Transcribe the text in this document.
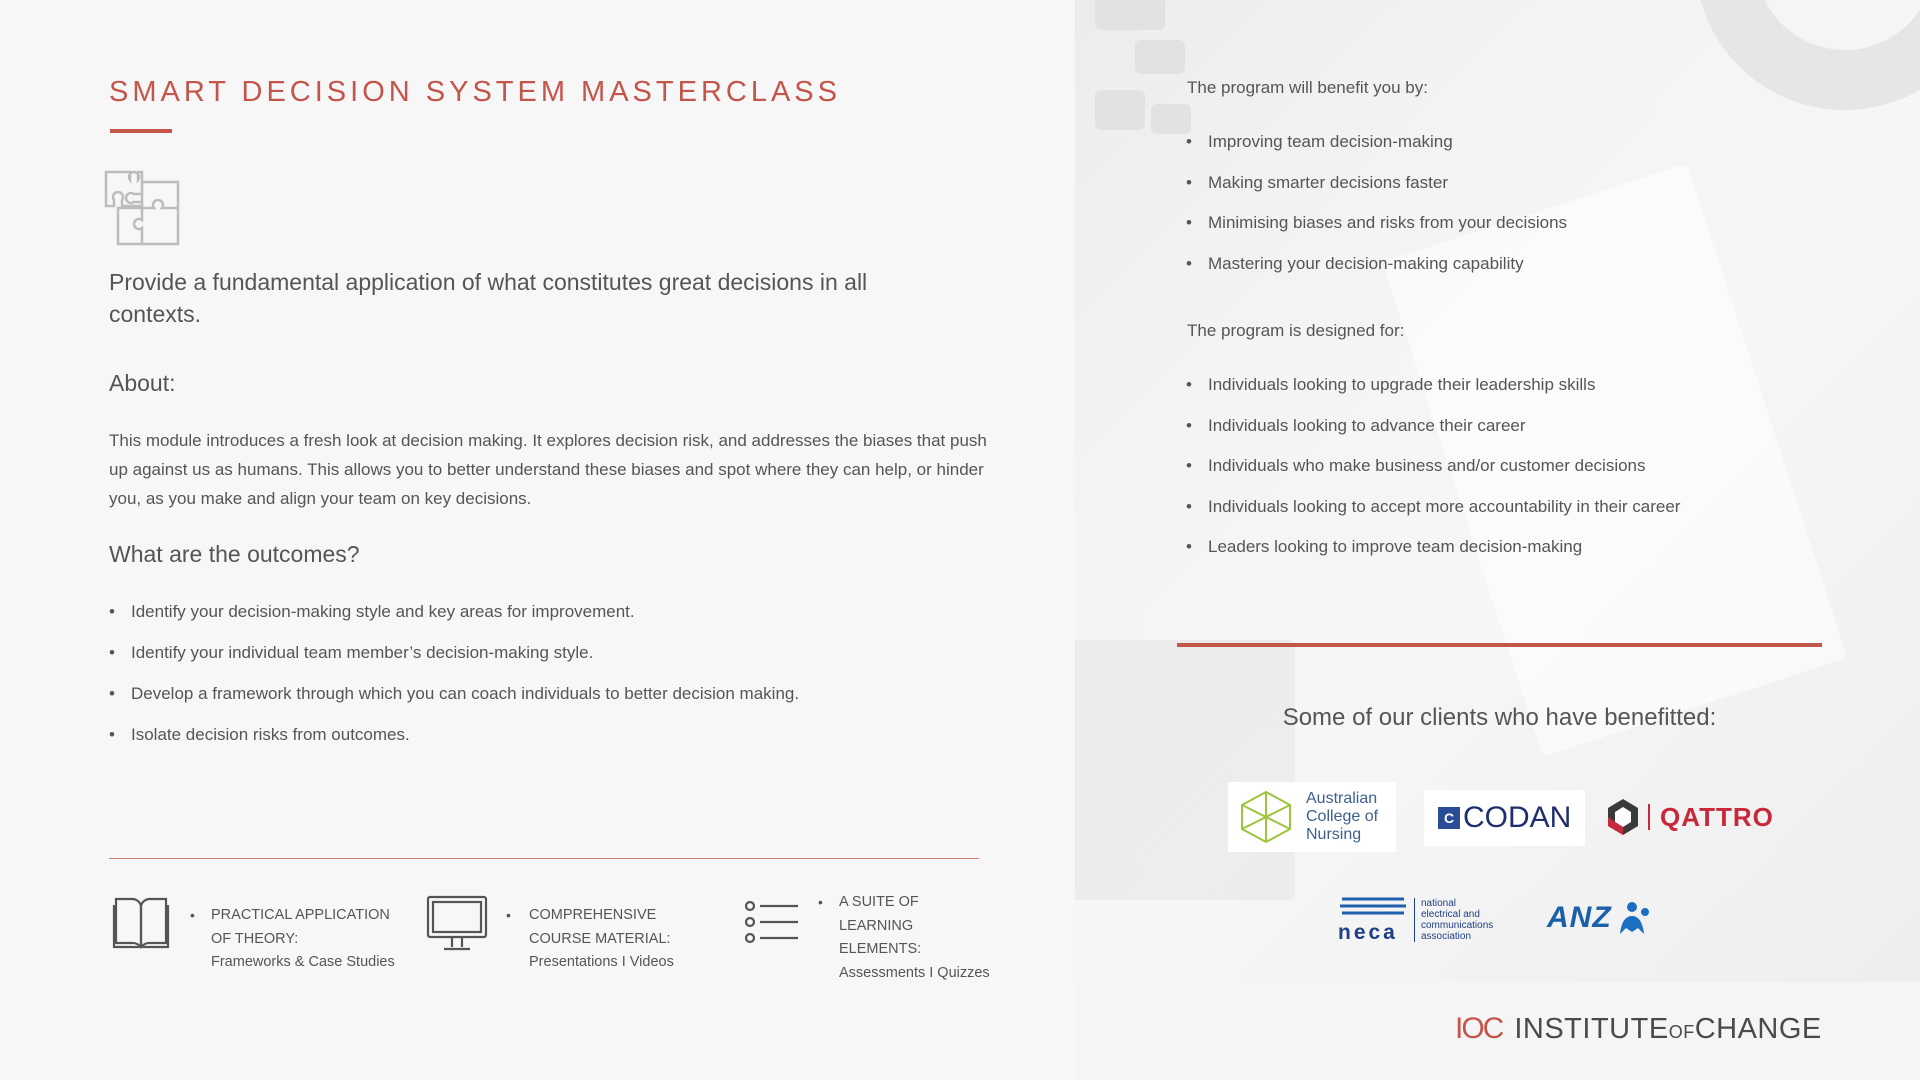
SMART DECISION SYSTEM MASTERCLASS

Provide a fundamental application of what constitutes great decisions in all contexts.

About:

This module introduces a fresh look at decision making. It explores decision risk, and addresses the biases that push up against us as humans. This allows you to better understand these biases and spot where they can help, or hinder you, as you make and align your team on key decisions.

What are the outcomes?
• Identify your decision-making style and key areas for improvement.
• Identify your individual team member’s decision-making style.
• Develop a framework through which you can coach individuals to better decision making.
• Isolate decision risks from outcomes.
• PRACTICAL APPLICATION
OF THEORY:
Frameworks & Case Studies
• COMPREHENSIVE
COURSE MATERIAL:
Presentations I Videos
• A SUITE OF
LEARNING
ELEMENTS:
Assessments I Quizzes
The program will benefit you by:
• Improving team decision-making
• Making smarter decisions faster
• Minimising biases and risks from your decisions
• Mastering your decision-making capability
The program is designed for:
• Individuals looking to upgrade their leadership skills
• Individuals looking to advance their career
• Individuals who make business and/or customer decisions
• Individuals looking to accept more accountability in their career
• Leaders looking to improve team decision-making
Some of our clients who have benefitted:
Australian
College of
Nursing
C CODAN	QATTRO
neca
national
electrical and
communications
association
ANZ
IOC INSTITUTEOFCHANGE
